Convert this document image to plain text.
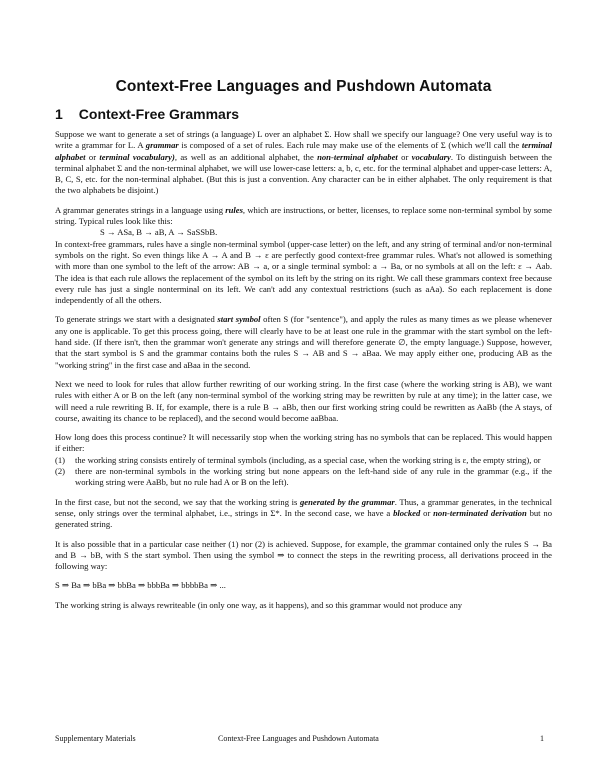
Context-Free Languages and Pushdown Automata
1 Context-Free Grammars

Suppose we want to generate a set of strings (a language) L over an alphabet Σ. How shall we specify our language? One very useful way is to write a grammar for L. A grammar is composed of a set of rules. Each rule may make use of the elements of Σ (which we'll call the terminal alphabet or terminal vocabulary), as well as an additional alphabet, the non-terminal alphabet or vocabulary. To distinguish between the terminal alphabet Σ and the non-terminal alphabet, we will use lower-case letters: a, b, c, etc. for the terminal alphabet and upper-case letters: A, B, C, S, etc. for the non-terminal alphabet. (But this is just a convention. Any character can be in either alphabet. The only requirement is that the two alphabets be disjoint.)

A grammar generates strings in a language using rules, which are instructions, or better, licenses, to replace some non-terminal symbol by some string. Typical rules look like this:

S → ASa, B → aB, A → SaSSbB.

In context-free grammars, rules have a single non-terminal symbol (upper-case letter) on the left, and any string of terminal and/or non-terminal symbols on the right. So even things like A → A and B → ε are perfectly good context-free grammar rules. What's not allowed is something with more than one symbol to the left of the arrow: AB → a, or a single terminal symbol: a → Ba, or no symbols at all on the left: ε → Aab. The idea is that each rule allows the replacement of the symbol on its left by the string on its right. We call these grammars context free because every rule has just a single nonterminal on its left. We can't add any contextual restrictions (such as aAa). So each replacement is done independently of all the others.

To generate strings we start with a designated start symbol often S (for "sentence"), and apply the rules as many times as we please whenever any one is applicable. To get this process going, there will clearly have to be at least one rule in the grammar with the start symbol on the left-hand side. (If there isn't, then the grammar won't generate any strings and will therefore generate ∅, the empty language.) Suppose, however, that the start symbol is S and the grammar contains both the rules S → AB and S → aBaa. We may apply either one, producing AB as the "working string" in the first case and aBaa in the second.

Next we need to look for rules that allow further rewriting of our working string. In the first case (where the working string is AB), we want rules with either A or B on the left (any non-terminal symbol of the working string may be rewritten by rule at any time); in the latter case, we will need a rule rewriting B. If, for example, there is a rule B → aBb, then our first working string could be rewritten as AaBb (the A stays, of course, awaiting its chance to be replaced), and the second would become aaBbaa.

How long does this process continue? It will necessarily stop when the working string has no symbols that can be replaced. This would happen if either:

(1)	the working string consists entirely of terminal symbols (including, as a special case, when the working string is ε, the empty string), or
(2)	there are non-terminal symbols in the working string but none appears on the left-hand side of any rule in the grammar (e.g., if the working string were AaBb, but no rule had A or B on the left).

In the first case, but not the second, we say that the working string is generated by the grammar. Thus, a grammar generates, in the technical sense, only strings over the terminal alphabet, i.e., strings in Σ*. In the second case, we have a blocked or non-terminated derivation but no generated string.

It is also possible that in a particular case neither (1) nor (2) is achieved. Suppose, for example, the grammar contained only the rules S → Ba and B → bB, with S the start symbol. Then using the symbol ⇒ to connect the steps in the rewriting process, all derivations proceed in the following way:

S ⇒ Ba ⇒ bBa ⇒ bbBa ⇒ bbbBa ⇒ bbbbBa ⇒ ...

The working string is always rewriteable (in only one way, as it happens), and so this grammar would not produce any

Supplementary Materials	Context-Free Languages and Pushdown Automata	1
